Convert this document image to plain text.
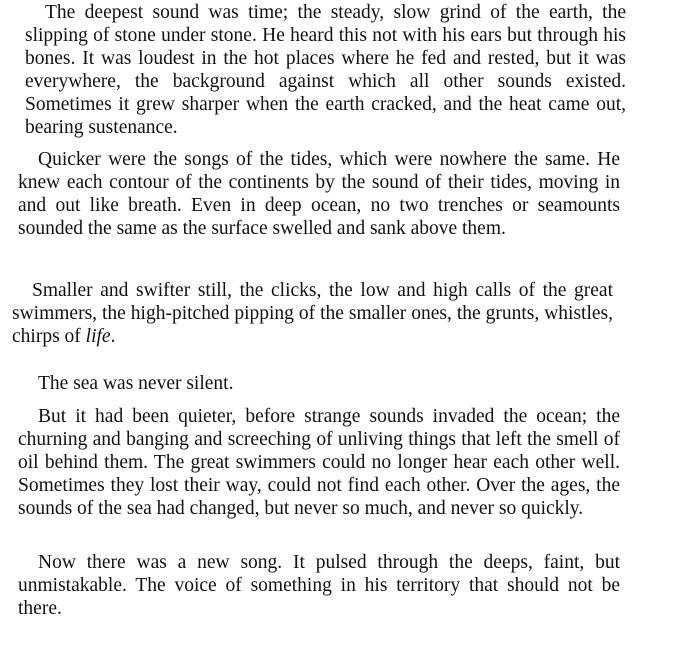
The deepest sound was time; the steady, slow grind of the earth, the slipping of stone under stone. He heard this not with his ears but through his bones. It was loudest in the hot places where he fed and rested, but it was everywhere, the background against which all other sounds existed. Sometimes it grew sharper when the earth cracked, and the heat came out, bearing sustenance.

Quicker were the songs of the tides, which were nowhere the same. He knew each contour of the continents by the sound of their tides, moving in and out like breath. Even in deep ocean, no two trenches or seamounts sounded the same as the surface swelled and sank above them.

Smaller and swifter still, the clicks, the low and high calls of the great swimmers, the high-pitched pipping of the smaller ones, the grunts, whistles, chirps of life.

The sea was never silent.

But it had been quieter, before strange sounds invaded the ocean; the churning and banging and screeching of unliving things that left the smell of oil behind them. The great swimmers could no longer hear each other well. Sometimes they lost their way, could not find each other. Over the ages, the sounds of the sea had changed, but never so much, and never so quickly.

Now there was a new song. It pulsed through the deeps, faint, but unmistakable. The voice of something in his territory that should not be there.
